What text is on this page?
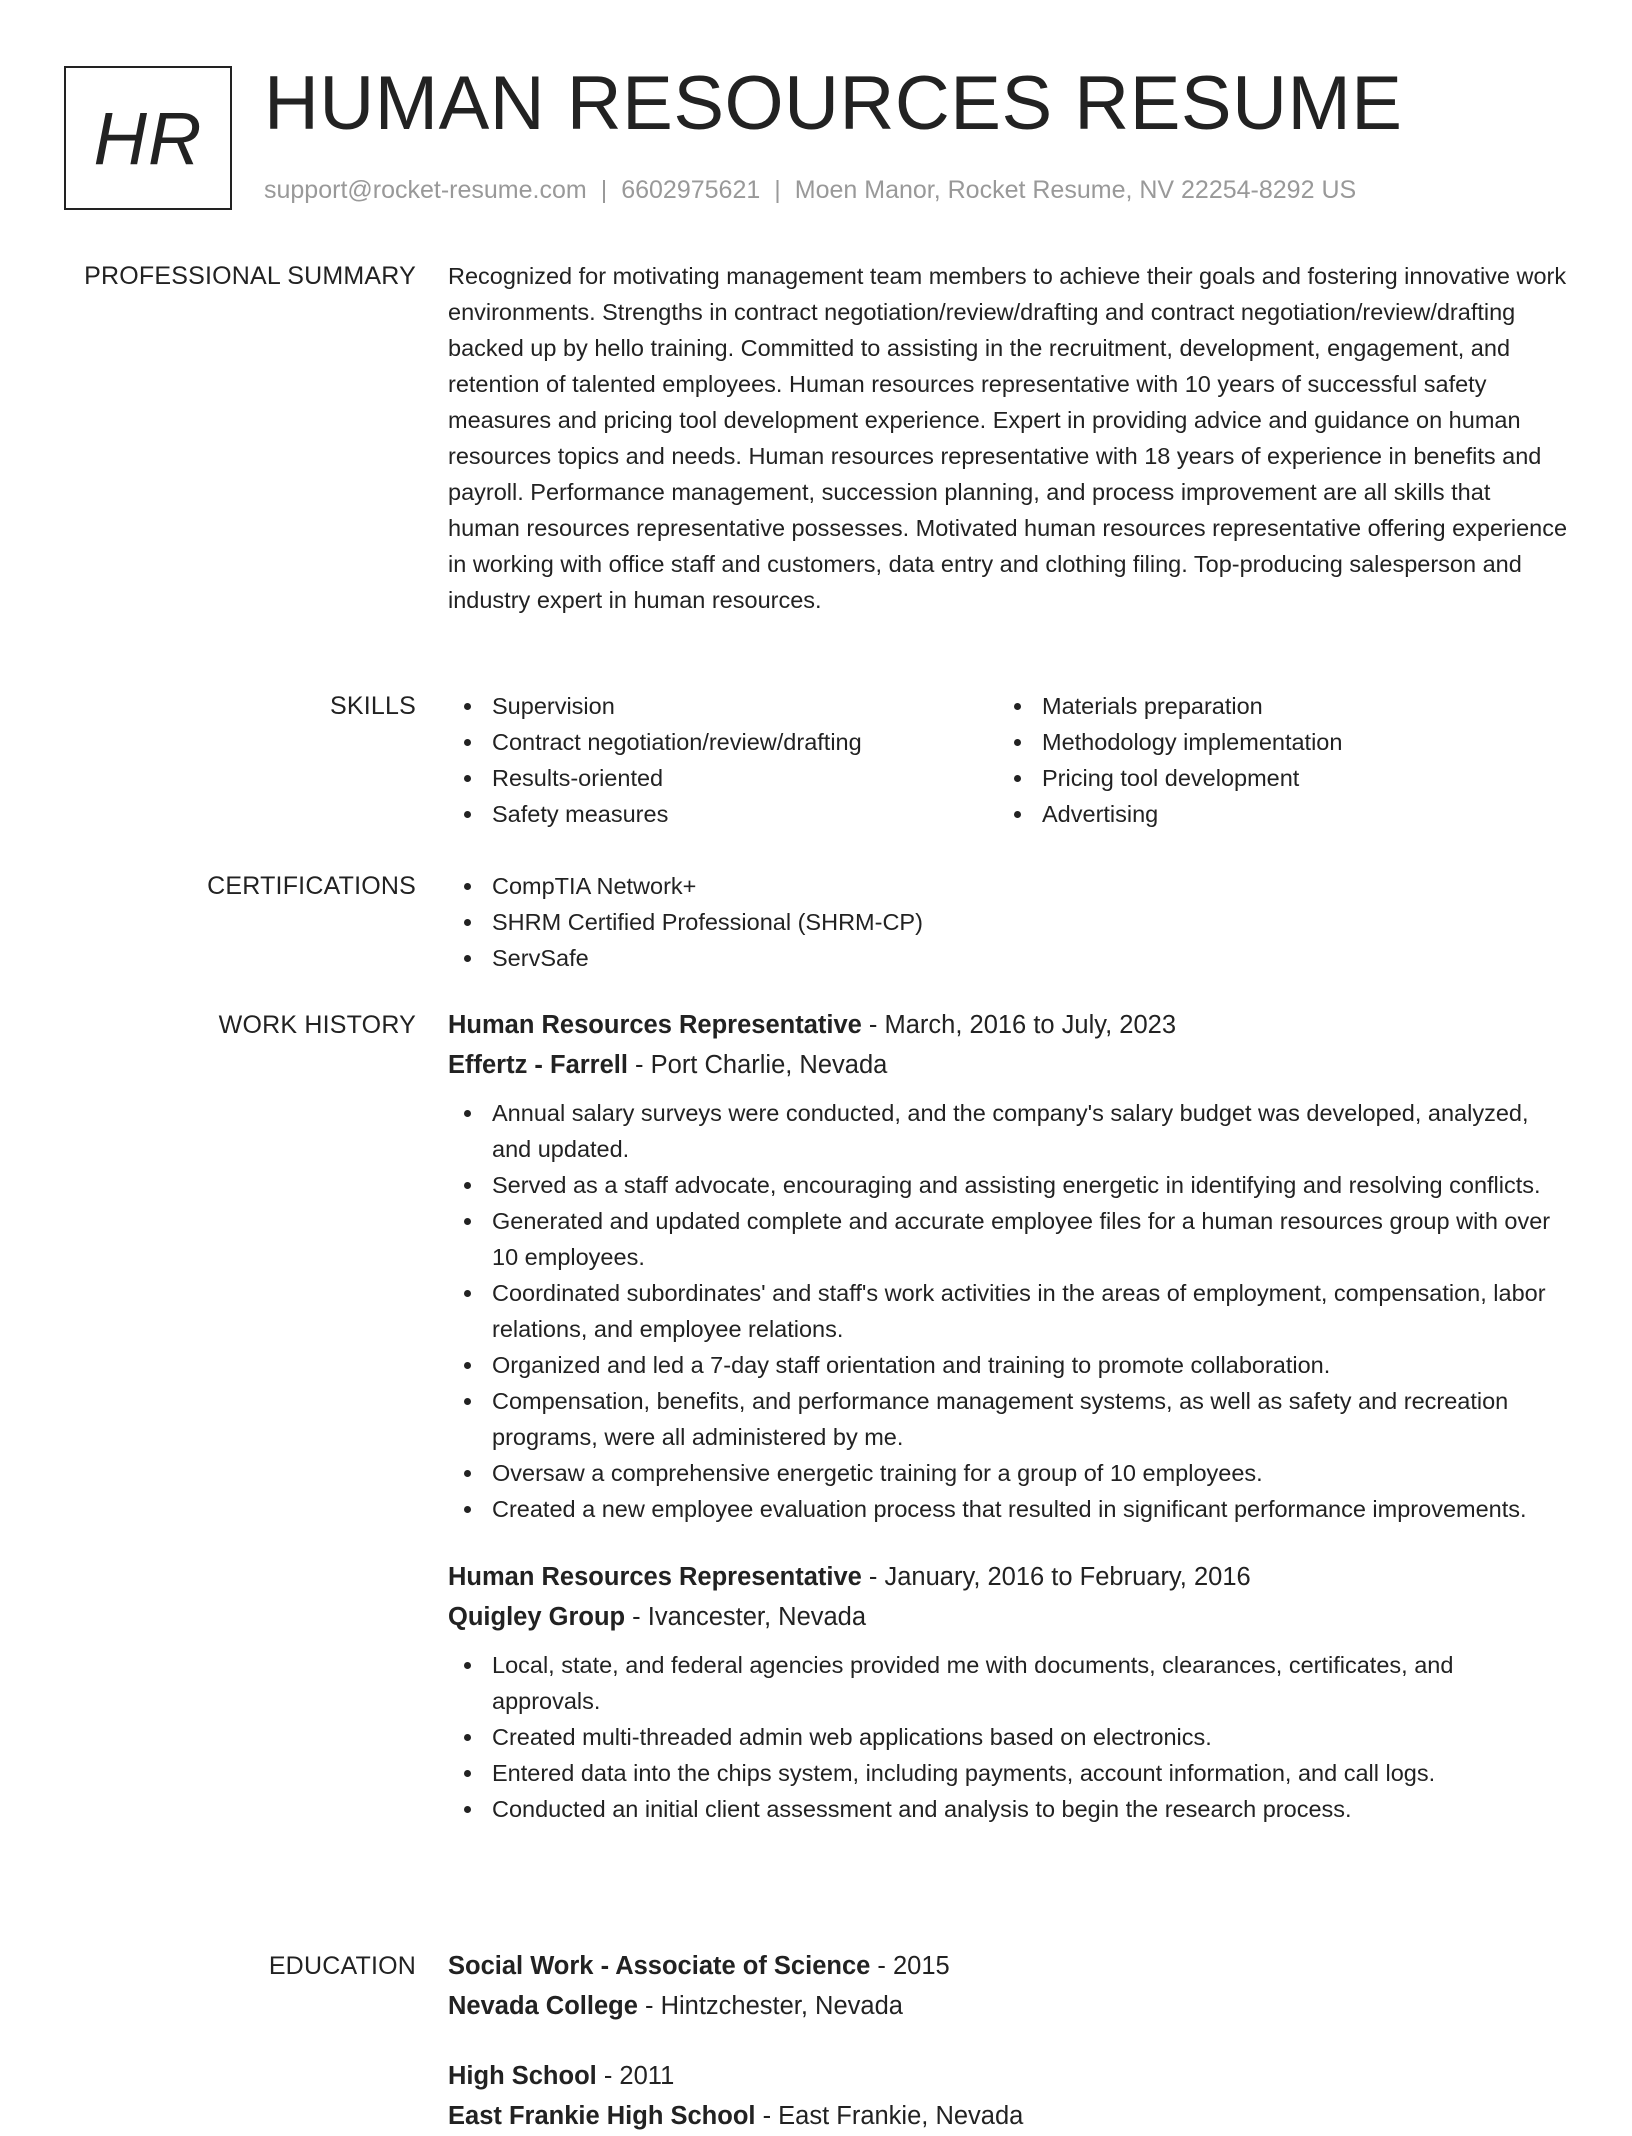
HR HUMAN RESOURCES RESUME
support@rocket-resume.com | 6602975621 | Moen Manor, Rocket Resume, NV 22254-8292 US
PROFESSIONAL SUMMARY Recognized for motivating management team members to achieve their goals and fostering innovative work environments. Strengths in contract negotiation/review/drafting and contract negotiation/review/drafting backed up by hello training. Committed to assisting in the recruitment, development, engagement, and retention of talented employees. Human resources representative with 10 years of successful safety measures and pricing tool development experience. Expert in providing advice and guidance on human resources topics and needs. Human resources representative with 18 years of experience in benefits and payroll. Performance management, succession planning, and process improvement are all skills that human resources representative possesses. Motivated human resources representative offering experience in working with office staff and customers, data entry and clothing filing. Top-producing salesperson and industry expert in human resources.
SKILLS	Supervision
Contract negotiation/review/drafting
Results-oriented
Safety measures
Materials preparation
Methodology implementation
Pricing tool development
Advertising
CERTIFICATIONS	CompTIA Network+
SHRM Certified Professional (SHRM-CP)
ServSafe
WORK HISTORY Human Resources Representative - March, 2016 to July, 2023
Effertz - Farrell - Port Charlie, Nevada
Annual salary surveys were conducted, and the company's salary budget was developed, analyzed, and updated.
Served as a staff advocate, encouraging and assisting energetic in identifying and resolving conflicts.
Generated and updated complete and accurate employee files for a human resources group with over 10 employees.
Coordinated subordinates' and staff's work activities in the areas of employment, compensation, labor relations, and employee relations.
Organized and led a 7-day staff orientation and training to promote collaboration.
Compensation, benefits, and performance management systems, as well as safety and recreation programs, were all administered by me.
Oversaw a comprehensive energetic training for a group of 10 employees.
Created a new employee evaluation process that resulted in significant performance improvements.
Human Resources Representative - January, 2016 to February, 2016
Quigley Group - Ivancester, Nevada
Local, state, and federal agencies provided me with documents, clearances, certificates, and approvals.
Created multi-threaded admin web applications based on electronics.
Entered data into the chips system, including payments, account information, and call logs.
Conducted an initial client assessment and analysis to begin the research process.
EDUCATION Social Work - Associate of Science - 2015
Nevada College - Hintzchester, Nevada
High School - 2011
East Frankie High School - East Frankie, Nevada
